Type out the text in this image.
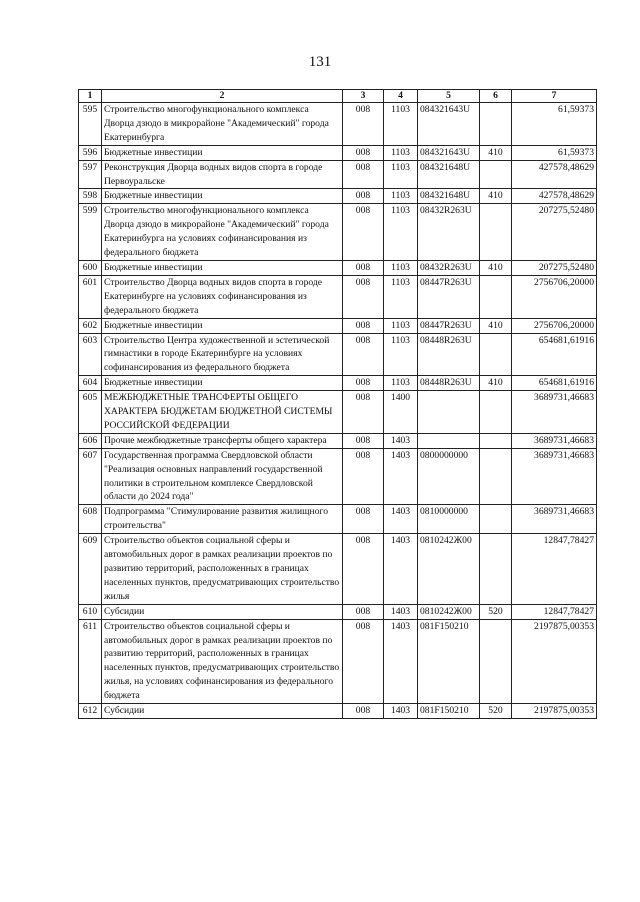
131
1	2	3	4	5	6	7
595	Строительство многофункционального комплекса Дворца дзюдо в микрорайоне "Академический" города Екатеринбурга	008	1103	084321643U		61,59373
596	Бюджетные инвестиции	008	1103	084321643U	410	61,59373
597	Реконструкция Дворца водных видов спорта в городе Первоуральске	008	1103	084321648U		427578,48629
598	Бюджетные инвестиции	008	1103	084321648U	410	427578,48629
599	Строительство многофункционального комплекса Дворца дзюдо в микрорайоне "Академический" города Екатеринбурга на условиях софинансирования из федерального бюджета	008	1103	08432R263U		207275,52480
600	Бюджетные инвестиции	008	1103	08432R263U	410	207275,52480
601	Строительство Дворца водных видов спорта в городе Екатеринбурге на условиях софинансирования из федерального бюджета	008	1103	08447R263U		2756706,20000
602	Бюджетные инвестиции	008	1103	08447R263U	410	2756706,20000
603	Строительство Центра художественной и эстетической гимнастики в городе Екатеринбурге на условиях софинансирования из федерального бюджета	008	1103	08448R263U		654681,61916
604	Бюджетные инвестиции	008	1103	08448R263U	410	654681,61916
605	МЕЖБЮДЖЕТНЫЕ ТРАНСФЕРТЫ ОБЩЕГО ХАРАКТЕРА БЮДЖЕТАМ БЮДЖЕТНОЙ СИСТЕМЫ РОССИЙСКОЙ ФЕДЕРАЦИИ	008	1400			3689731,46683
606	Прочие межбюджетные трансферты общего характера	008	1403			3689731,46683
607	Государственная программа Свердловской области "Реализация основных направлений государственной политики в строительном комплексе Свердловской области до 2024 года"	008	1403	0800000000		3689731,46683
608	Подпрограмма "Стимулирование развития жилищного строительства"	008	1403	0810000000		3689731,46683
609	Строительство объектов социальной сферы и автомобильных дорог в рамках реализации проектов по развитию территорий, расположенных в границах населенных пунктов, предусматривающих строительство жилья	008	1403	0810242Ж00		12847,78427
610	Субсидии	008	1403	0810242Ж00	520	12847,78427
611	Строительство объектов социальной сферы и автомобильных дорог в рамках реализации проектов по развитию территорий, расположенных в границах населенных пунктов, предусматривающих строительство жилья, на условиях софинансирования из федерального бюджета	008	1403	081F150210		2197875,00353
612	Субсидии	008	1403	081F150210	520	2197875,00353
